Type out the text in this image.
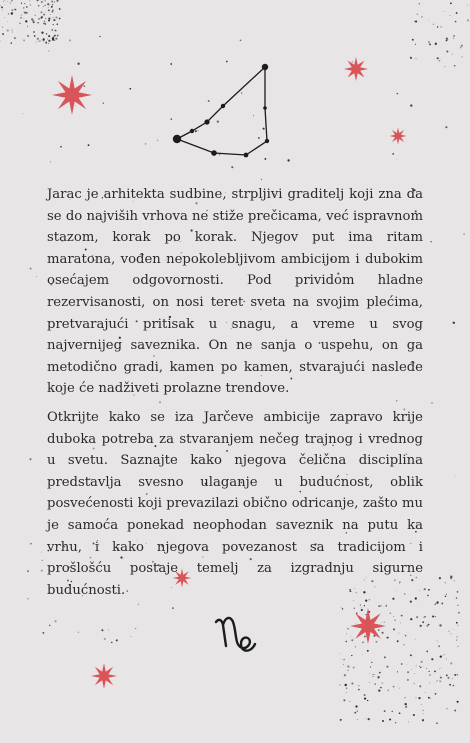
Jarac je arhitekta sudbine, strpljivi graditelj koji zna da se do najviših vrhova ne stiže prečicama, već ispravnom stazom, korak po korak. Njegov put ima ritam maratona, vođen nepokolebljivom ambicijom i dubokim osećajem odgovornosti. Pod prividom hladne rezervisanosti, on nosi teret sveta na svojim plećima, pretvarajući pritisak u snagu, a vreme u svog najvernijeg saveznika. On ne sanja o uspehu, on ga metodično gradi, kamen po kamen, stvarajući nasleđe koje će nadživeti prolazne trendove.

Otkrijte kako se iza Jarčeve ambicije zapravo krije duboka potreba za stvaranjem nečeg trajnog i vrednog u svetu. Saznajte kako njegova čelična disciplina predstavlja svesno ulaganje u budućnost, oblik posvećenosti koji prevazilazi obično odricanje, zašto mu je samoća ponekad neophodan saveznik na putu ka vrhu, i kako njegova povezanost sa tradicijom i prošlošću postaje temelj za izgradnju sigurne budućnosti.
